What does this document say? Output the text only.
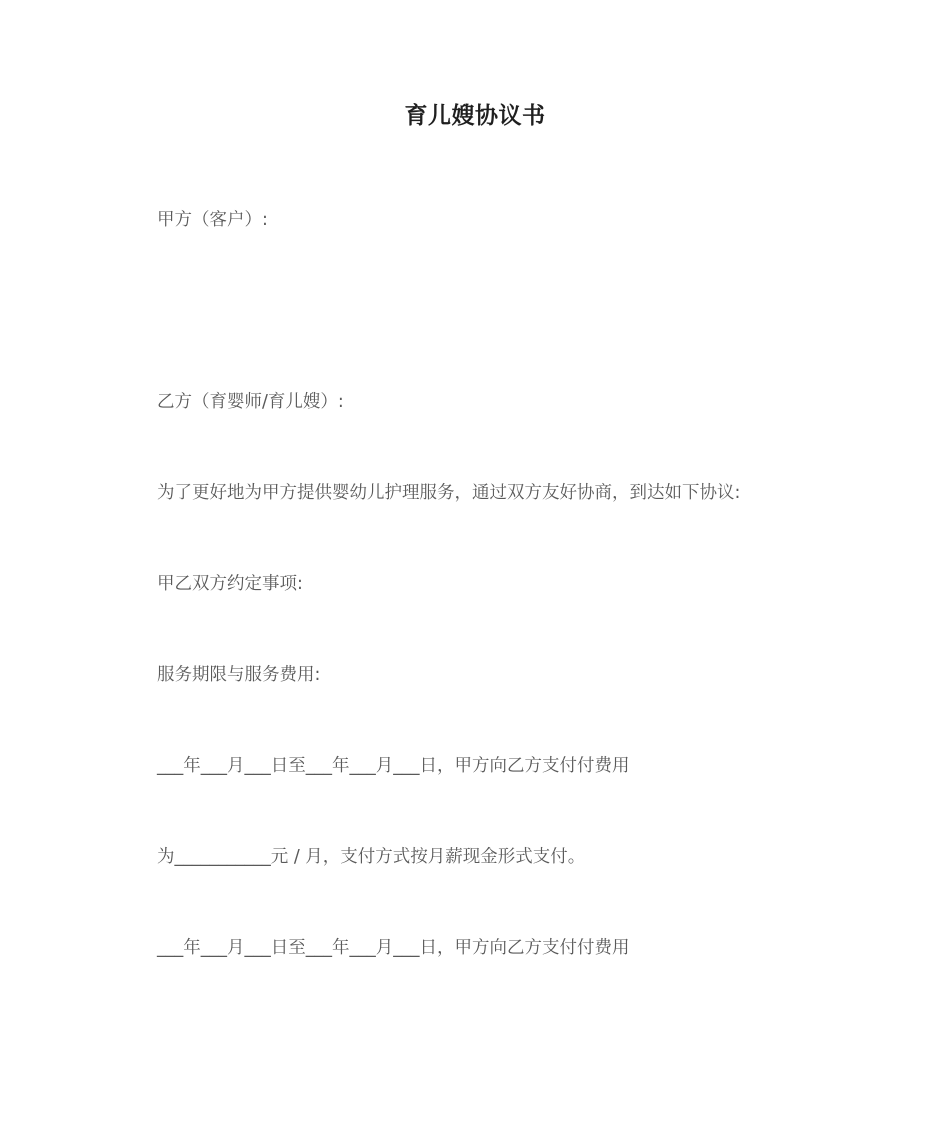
育儿嫂协议书
甲方（客户）:
乙方（育婴师/育儿嫂）:
为了更好地为甲方提供婴幼儿护理服务，通过双方友好协商，到达如下协议:
甲乙双方约定事项:
服务期限与服务费用:
___年___月___日至___年___月___日，甲方向乙方支付付费用
为___________元 / 月，支付方式按月薪现金形式支付。
___年___月___日至___年___月___日，甲方向乙方支付付费用
